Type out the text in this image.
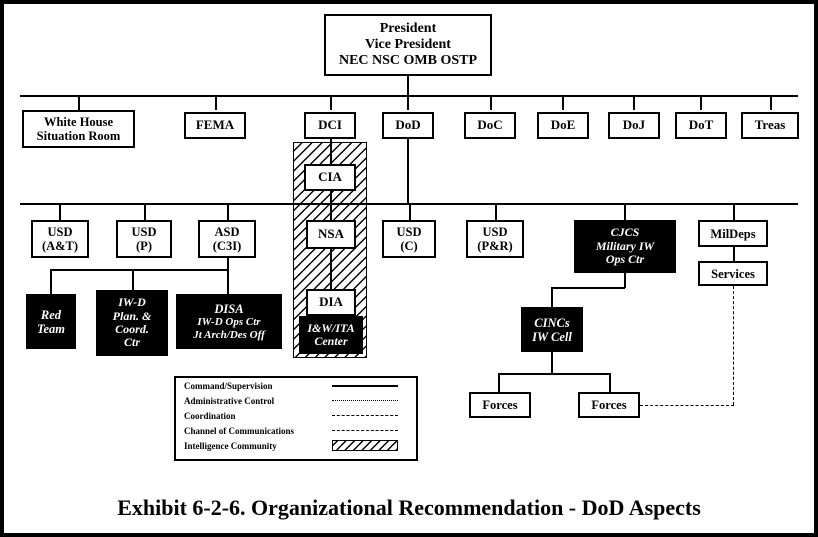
President
Vice President
NEC NSC OMB OSTP
White House
Situation Room
FEMA	DCI	DoD	DoC	DoE	DoJ	DoT	Treas
CIA
USD
(A&T)
USD
(P)
ASD
(C3I)
NSA	USD
(C)
USD
(P&R)
CJCS
Military IW
Ops Ctr
MilDeps
Services
Red
Team
IW-D
Plan. &
Coord.
Ctr
DISA
IW-D Ops Ctr
Jt Arch/Des Off
DIA
I&W/ITA
Center
CINCs
IW Cell
Forces	Forces
Command/Supervision
Administrative Control
Coordination
Channel of Communications
Intelligence Community
Exhibit 6-2-6. Organizational Recommendation - DoD Aspects
